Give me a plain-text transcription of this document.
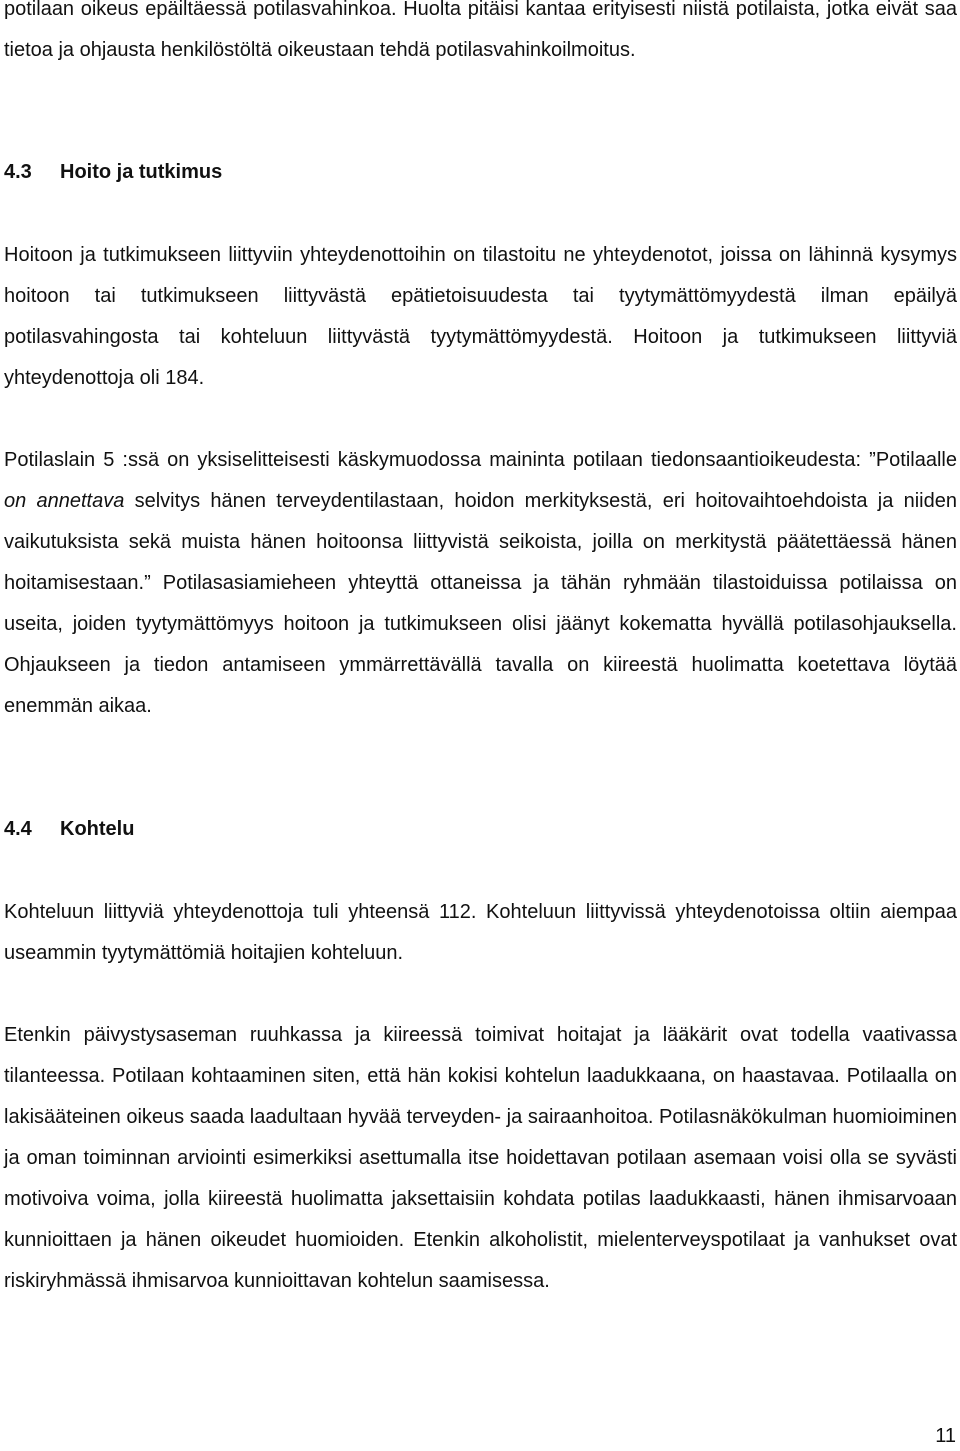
potilaan oikeus epäiltäessä potilasvahinkoa. Huolta pitäisi kantaa erityisesti niistä potilaista, jotka eivät saa tietoa ja ohjausta henkilöstöltä oikeustaan tehdä potilasvahinkoilmoitus.

4.3 Hoito ja tutkimus

Hoitoon ja tutkimukseen liittyviin yhteydenottoihin on tilastoitu ne yhteydenotot, joissa on lähinnä kysymys hoitoon tai tutkimukseen liittyvästä epätietoisuudesta tai tyytymättömyydestä ilman epäilyä potilasvahingosta tai kohteluun liittyvästä tyytymättömyydestä. Hoitoon ja tutkimukseen liittyviä yhteydenottoja oli 184.

Potilaslain 5 :ssä on yksiselitteisesti käskymuodossa maininta potilaan tiedonsaantioikeudesta: ”Potilaalle on annettava selvitys hänen terveydentilastaan, hoidon merkityksestä, eri hoitovaihtoehdoista ja niiden vaikutuksista sekä muista hänen hoitoonsa liittyvistä seikoista, joilla on merkitystä päätettäessä hänen hoitamisestaan.” Potilasasiamieheen yhteyttä ottaneissa ja tähän ryhmään tilastoiduissa potilaissa on useita, joiden tyytymättömyys hoitoon ja tutkimukseen olisi jäänyt kokematta hyvällä potilasohjauksella. Ohjaukseen ja tiedon antamiseen ymmärrettävällä tavalla on kiireestä huolimatta koetettava löytää enemmän aikaa.

4.4 Kohtelu

Kohteluun liittyviä yhteydenottoja tuli yhteensä 112. Kohteluun liittyvissä yhteydenotoissa oltiin aiempaa useammin tyytymättömiä hoitajien kohteluun.

Etenkin päivystysaseman ruuhkassa ja kiireessä toimivat hoitajat ja lääkärit ovat todella vaativassa tilanteessa. Potilaan kohtaaminen siten, että hän kokisi kohtelun laadukkaana, on haastavaa. Potilaalla on lakisääteinen oikeus saada laadultaan hyvää terveyden- ja sairaanhoitoa. Potilasnäkökulman huomioiminen ja oman toiminnan arviointi esimerkiksi asettumalla itse hoidettavan potilaan asemaan voisi olla se syvästi motivoiva voima, jolla kiireestä huolimatta jaksettaisiin kohdata potilas laadukkaasti, hänen ihmisarvoaan kunnioittaen ja hänen oikeudet huomioiden. Etenkin alkoholistit, mielenterveyspotilaat ja vanhukset ovat riskiryhmässä ihmisarvoa kunnioittavan kohtelun saamisessa.

11
